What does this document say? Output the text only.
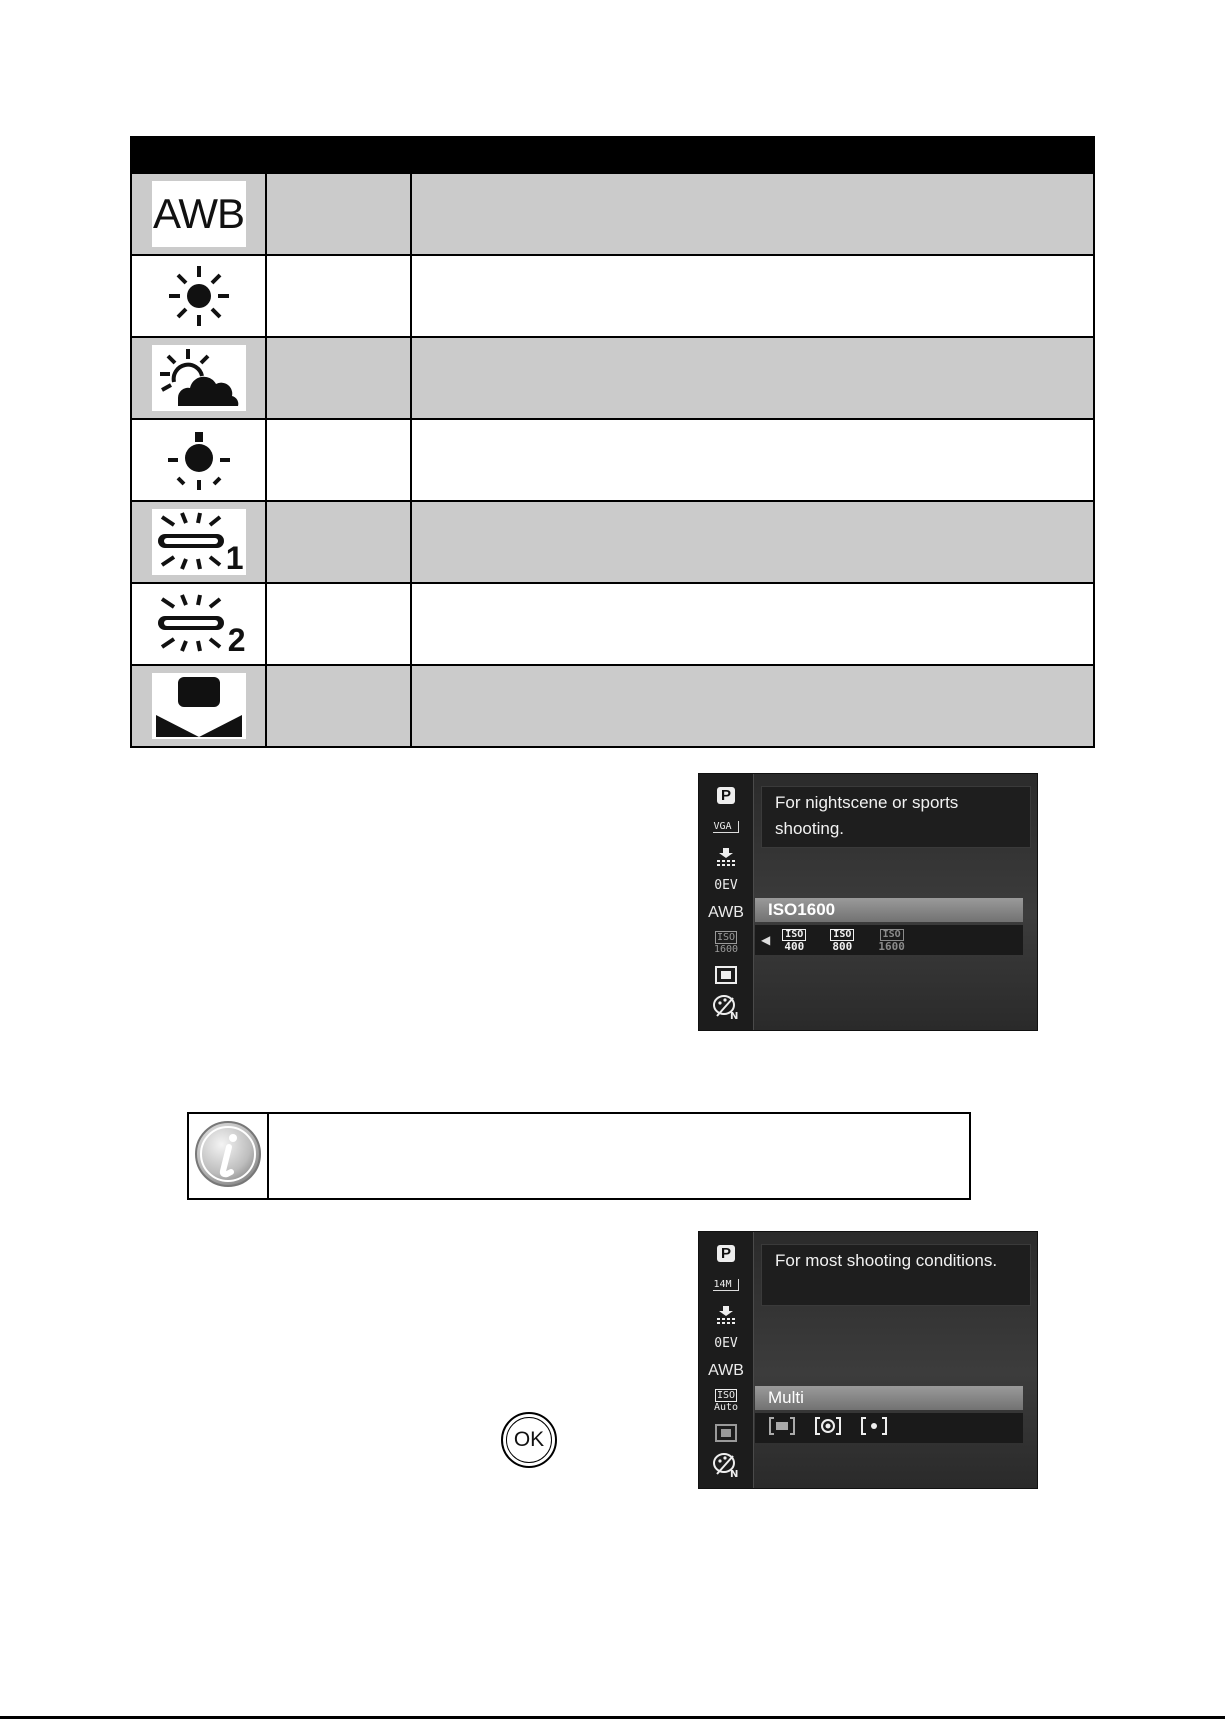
AWB
1
2
P
VGA
0EV
AWB
ISO
1600
N
For nightscene or sports shooting.
ISO1600
◀	ISO
400
ISO
800
ISO
1600
P
14M
0EV
AWB
ISO
Auto
N
For most shooting conditions.
Multi
OK
